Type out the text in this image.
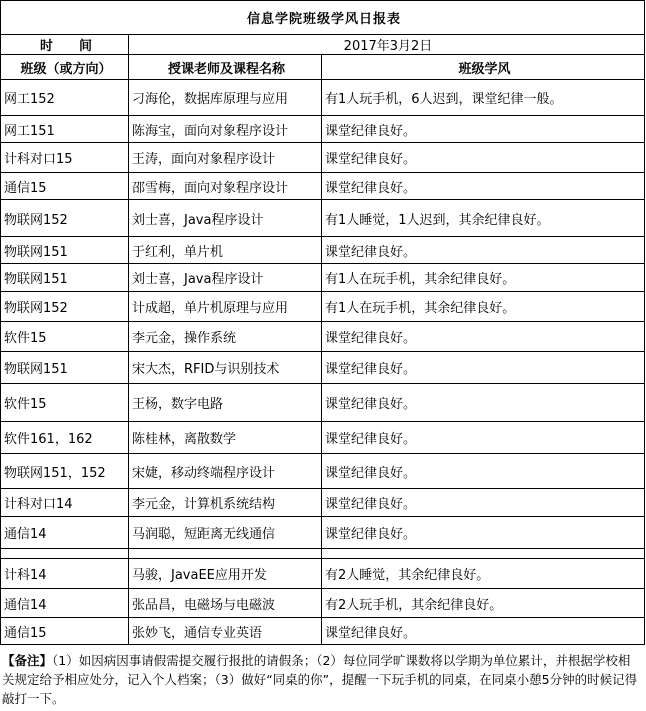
信息学院班级学风日报表		
时　　间	2017年3月2日	
班级（或方向）	授课老师及课程名称	班级学风
网工152	刁海伦，数据库原理与应用	有1人玩手机，6人迟到，课堂纪律一般。
网工151	陈海宝，面向对象程序设计	课堂纪律良好。
计科对口15	王涛，面向对象程序设计	课堂纪律良好。
通信15	邵雪梅，面向对象程序设计	课堂纪律良好。
物联网152	刘士喜，Java程序设计	有1人睡觉，1人迟到，其余纪律良好。
物联网151	于红利，单片机	课堂纪律良好。
物联网151	刘士喜，Java程序设计	有1人在玩手机，其余纪律良好。
物联网152	计成超，单片机原理与应用	有1人在玩手机，其余纪律良好。
软件15	李元金，操作系统	课堂纪律良好。
物联网151	宋大杰，RFID与识别技术	课堂纪律良好。
软件15	王杨，数字电路	课堂纪律良好。
软件161，162	陈桂林，离散数学	课堂纪律良好。
物联网151，152	宋婕，移动终端程序设计	课堂纪律良好。
计科对口14	李元金，计算机系统结构	课堂纪律良好。
通信14	马润聪，短距离无线通信	课堂纪律良好。

计科14	马骏，JavaEE应用开发	有2人睡觉，其余纪律良好。
通信14	张品昌，电磁场与电磁波	有2人玩手机，其余纪律良好。
通信15	张妙飞，通信专业英语	课堂纪律良好。
【备注】（1）如因病因事请假需提交履行报批的请假条；（2）每位同学旷课数将以学期为单位累计，并根据学校相关规定给予相应处分，记入个人档案；（3）做好“同桌的你”，提醒一下玩手机的同桌，在同桌小憩5分钟的时候记得敲打一下。
